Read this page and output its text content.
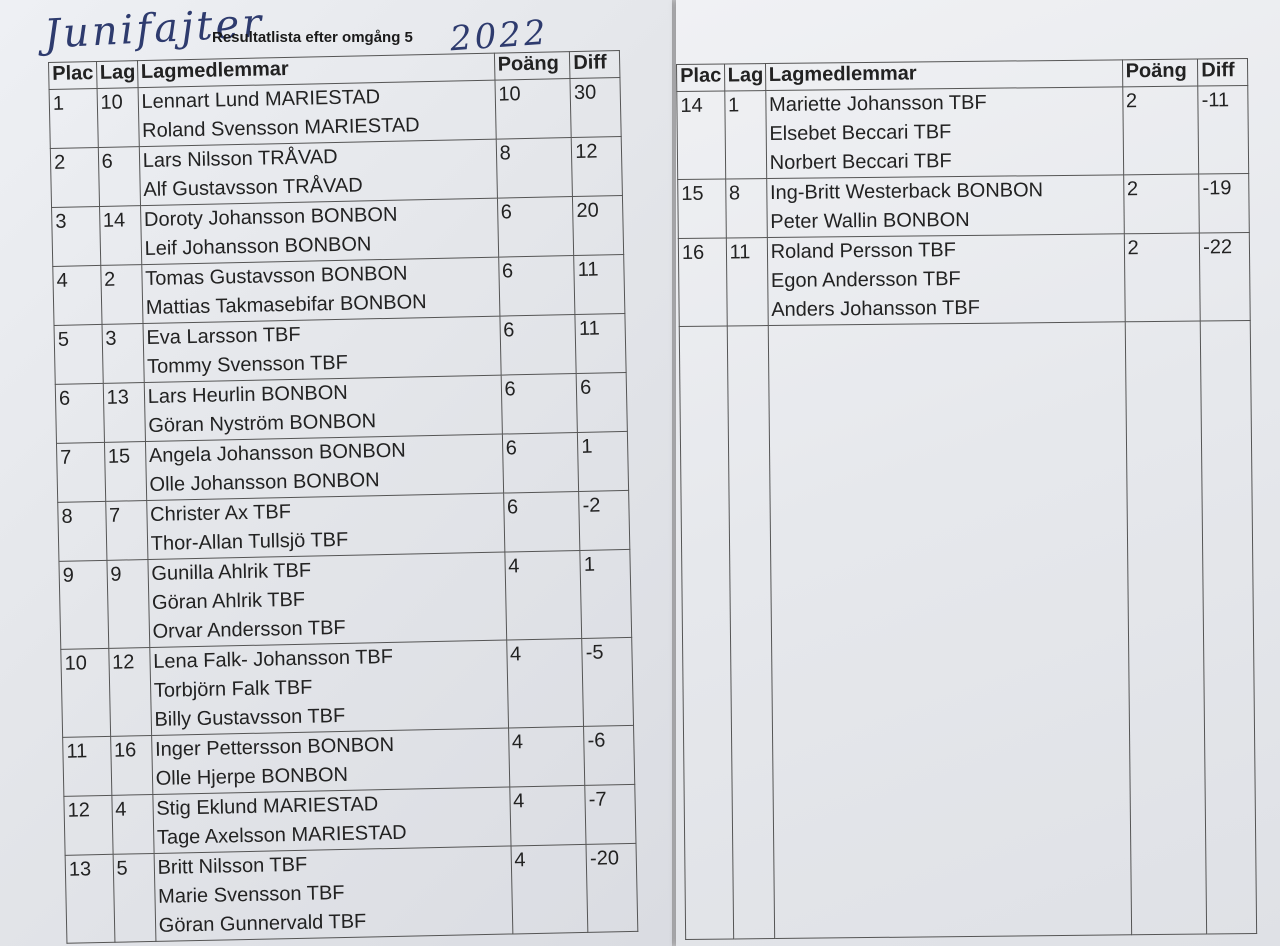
Junifajter
Resultatlista efter omgång 5 2022
Plac	Lag	Lagmedlemmar	Poäng	Diff
1	10	Lennart Lund MARIESTAD
Roland Svensson MARIESTAD	10	30
2	6	Lars Nilsson TRÅVAD
Alf Gustavsson TRÅVAD	8	12
3	14	Doroty Johansson BONBON
Leif Johansson BONBON	6	20
4	2	Tomas Gustavsson BONBON
Mattias Takmasebifar BONBON	6	11
5	3	Eva Larsson TBF
Tommy Svensson TBF	6	11
6	13	Lars Heurlin BONBON
Göran Nyström BONBON	6	6
7	15	Angela Johansson BONBON
Olle Johansson BONBON	6	1
8	7	Christer Ax TBF
Thor-Allan Tullsjö TBF	6	-2
9	9	Gunilla Ahlrik TBF
Göran Ahlrik TBF
Orvar Andersson TBF	4	1
10	12	Lena Falk- Johansson TBF
Torbjörn Falk TBF
Billy Gustavsson TBF	4	-5
11	16	Inger Pettersson BONBON
Olle Hjerpe BONBON	4	-6
12	4	Stig Eklund MARIESTAD
Tage Axelsson MARIESTAD	4	-7
13	5	Britt Nilsson TBF
Marie Svensson TBF
Göran Gunnervald TBF	4	-20
Plac	Lag	Lagmedlemmar	Poäng	Diff
14	1	Mariette Johansson TBF
Elsebet Beccari TBF
Norbert Beccari TBF	2	-11
15	8	Ing-Britt Westerback BONBON
Peter Wallin BONBON	2	-19
16	11	Roland Persson TBF
Egon Andersson TBF
Anders Johansson TBF	2	-22
